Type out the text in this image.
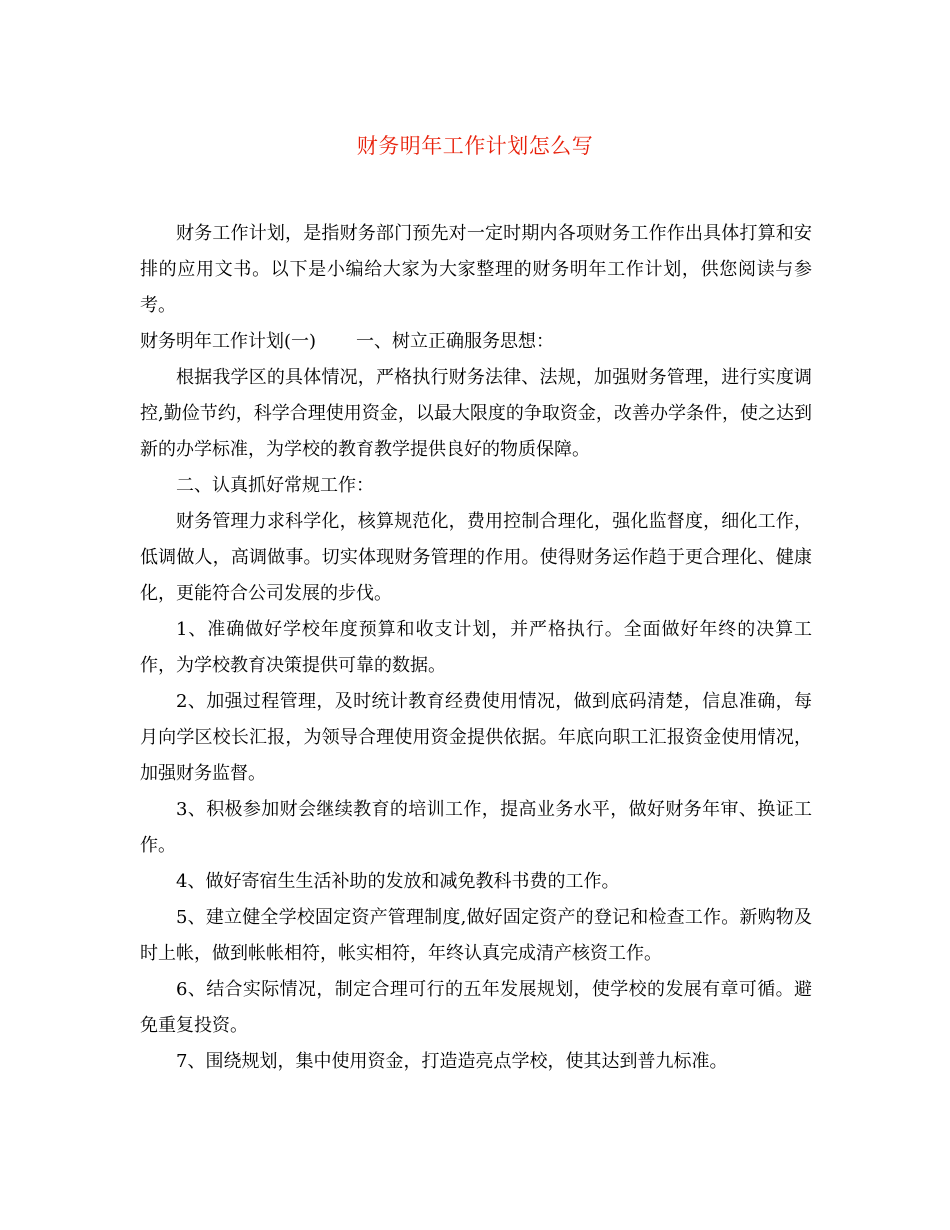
财务明年工作计划怎么写

财务工作计划，是指财务部门预先对一定时期内各项财务工作作出具体打算和安排的应用文书。以下是小编给大家为大家整理的财务明年工作计划，供您阅读与参考。

财务明年工作计划(一) 一、树立正确服务思想：

根据我学区的具体情况，严格执行财务法律、法规，加强财务管理，进行实度调控,勤俭节约，科学合理使用资金，以最大限度的争取资金，改善办学条件，使之达到新的办学标准，为学校的教育教学提供良好的物质保障。

二、认真抓好常规工作：

财务管理力求科学化，核算规范化，费用控制合理化，强化监督度，细化工作，低调做人，高调做事。切实体现财务管理的作用。使得财务运作趋于更合理化、健康化，更能符合公司发展的步伐。

1、准确做好学校年度预算和收支计划，并严格执行。全面做好年终的决算工作，为学校教育决策提供可靠的数据。

2、加强过程管理，及时统计教育经费使用情况，做到底码清楚，信息准确，每月向学区校长汇报，为领导合理使用资金提供依据。年底向职工汇报资金使用情况，加强财务监督。

3、积极参加财会继续教育的培训工作，提高业务水平，做好财务年审、换证工作。

4、做好寄宿生生活补助的发放和减免教科书费的工作。

5、建立健全学校固定资产管理制度,做好固定资产的登记和检查工作。新购物及时上帐，做到帐帐相符，帐实相符，年终认真完成清产核资工作。

6、结合实际情况，制定合理可行的五年发展规划，使学校的发展有章可循。避免重复投资。

7、围绕规划，集中使用资金，打造造亮点学校，使其达到普九标准。
